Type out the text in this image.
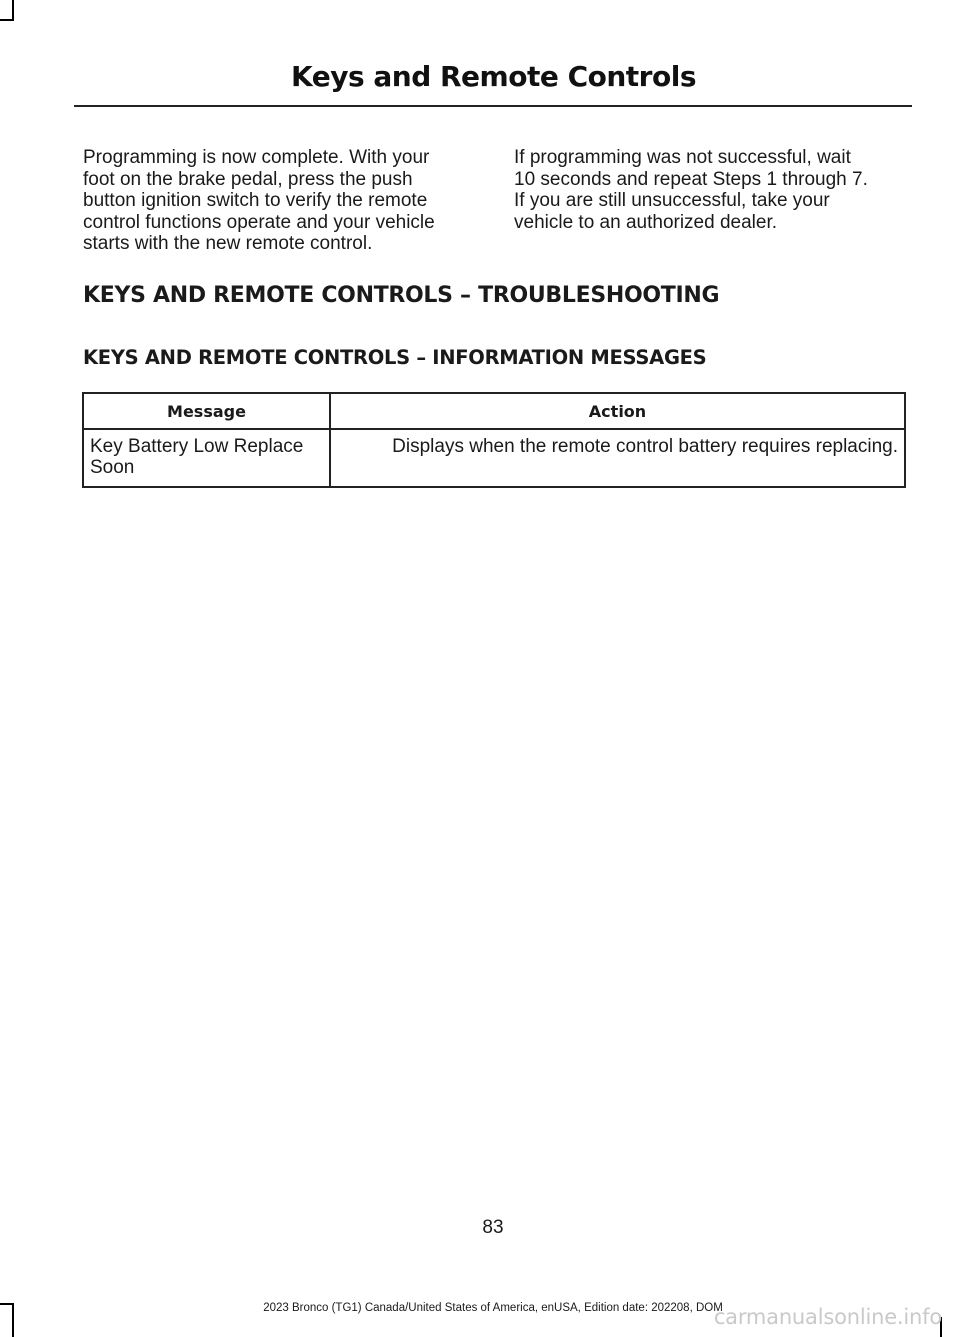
Keys and Remote Controls

Programming is now complete. With your
foot on the brake pedal, press the push
button ignition switch to verify the remote
control functions operate and your vehicle
starts with the new remote control.

If programming was not successful, wait
10 seconds and repeat Steps 1 through 7.
If you are still unsuccessful, take your
vehicle to an authorized dealer.

KEYS AND REMOTE CONTROLS – TROUBLESHOOTING
KEYS AND REMOTE CONTROLS – INFORMATION MESSAGES
Message	Action
Key Battery Low Replace Soon	Displays when the remote control battery requires replacing.
83
2023 Bronco (TG1) Canada/United States of America, enUSA, Edition date: 202208, DOM
carmanualsonline.info
